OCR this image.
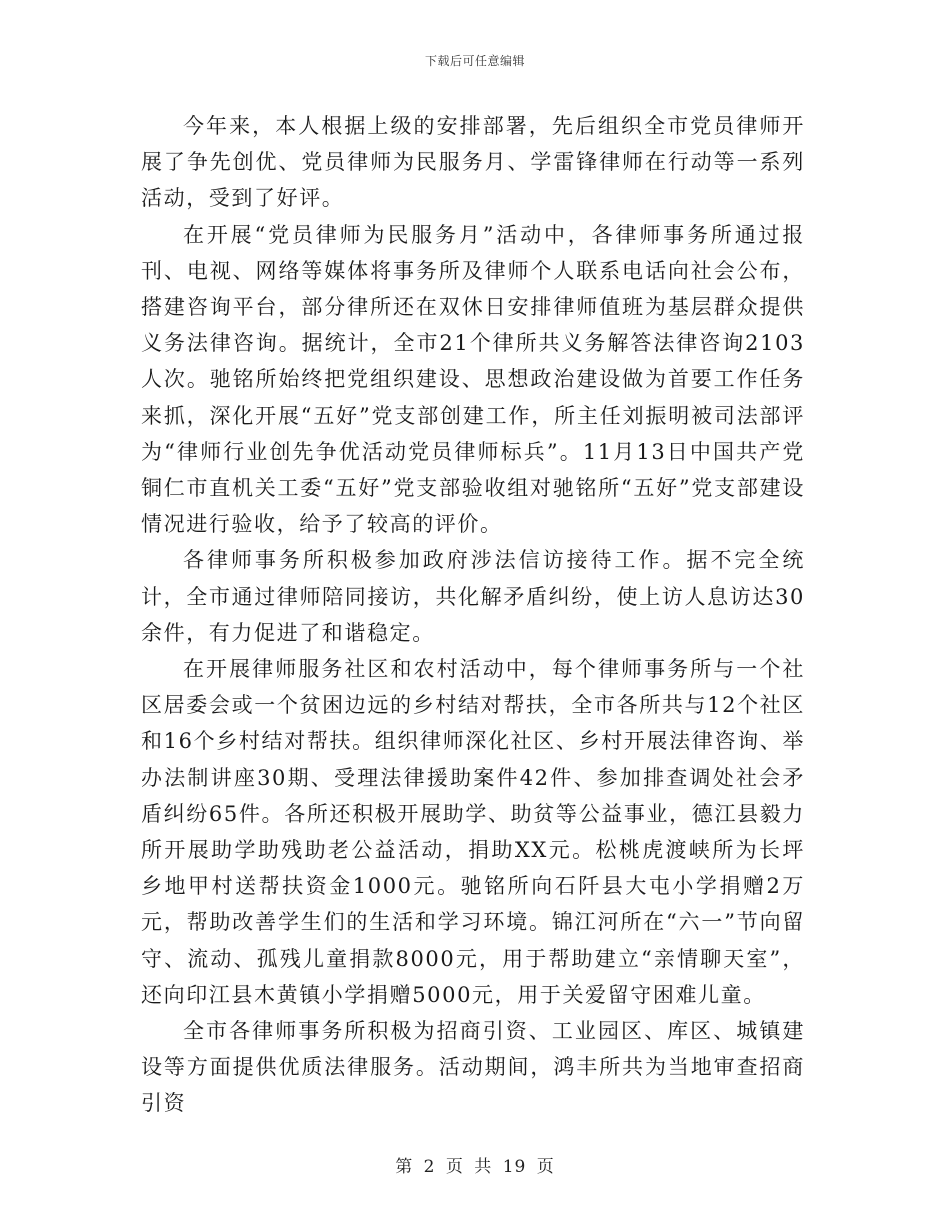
下载后可任意编辑

今年来，本人根据上级的安排部署，先后组织全市党员律师开展了争先创优、党员律师为民服务月、学雷锋律师在行动等一系列活动，受到了好评。

在开展“党员律师为民服务月”活动中，各律师事务所通过报刊、电视、网络等媒体将事务所及律师个人联系电话向社会公布，搭建咨询平台，部分律所还在双休日安排律师值班为基层群众提供义务法律咨询。据统计，全市21个律所共义务解答法律咨询2103人次。驰铭所始终把党组织建设、思想政治建设做为首要工作任务来抓，深化开展“五好”党支部创建工作，所主任刘振明被司法部评为“律师行业创先争优活动党员律师标兵”。11月13日中国共产党铜仁市直机关工委“五好”党支部验收组对驰铭所“五好”党支部建设情况进行验收，给予了较高的评价。

各律师事务所积极参加政府涉法信访接待工作。据不完全统计，全市通过律师陪同接访，共化解矛盾纠纷，使上访人息访达30余件，有力促进了和谐稳定。

在开展律师服务社区和农村活动中，每个律师事务所与一个社区居委会或一个贫困边远的乡村结对帮扶，全市各所共与12个社区和16个乡村结对帮扶。组织律师深化社区、乡村开展法律咨询、举办法制讲座30期、受理法律援助案件42件、参加排查调处社会矛盾纠纷65件。各所还积极开展助学、助贫等公益事业，德江县毅力所开展助学助残助老公益活动，捐助XX元。松桃虎渡峡所为长坪乡地甲村送帮扶资金1000元。驰铭所向石阡县大屯小学捐赠2万元，帮助改善学生们的生活和学习环境。锦江河所在“六一”节向留守、流动、孤残儿童捐款8000元，用于帮助建立“亲情聊天室”，还向印江县木黄镇小学捐赠5000元，用于关爱留守困难儿童。

全市各律师事务所积极为招商引资、工业园区、库区、城镇建设等方面提供优质法律服务。活动期间，鸿丰所共为当地审查招商引资

第 2 页 共 19 页
